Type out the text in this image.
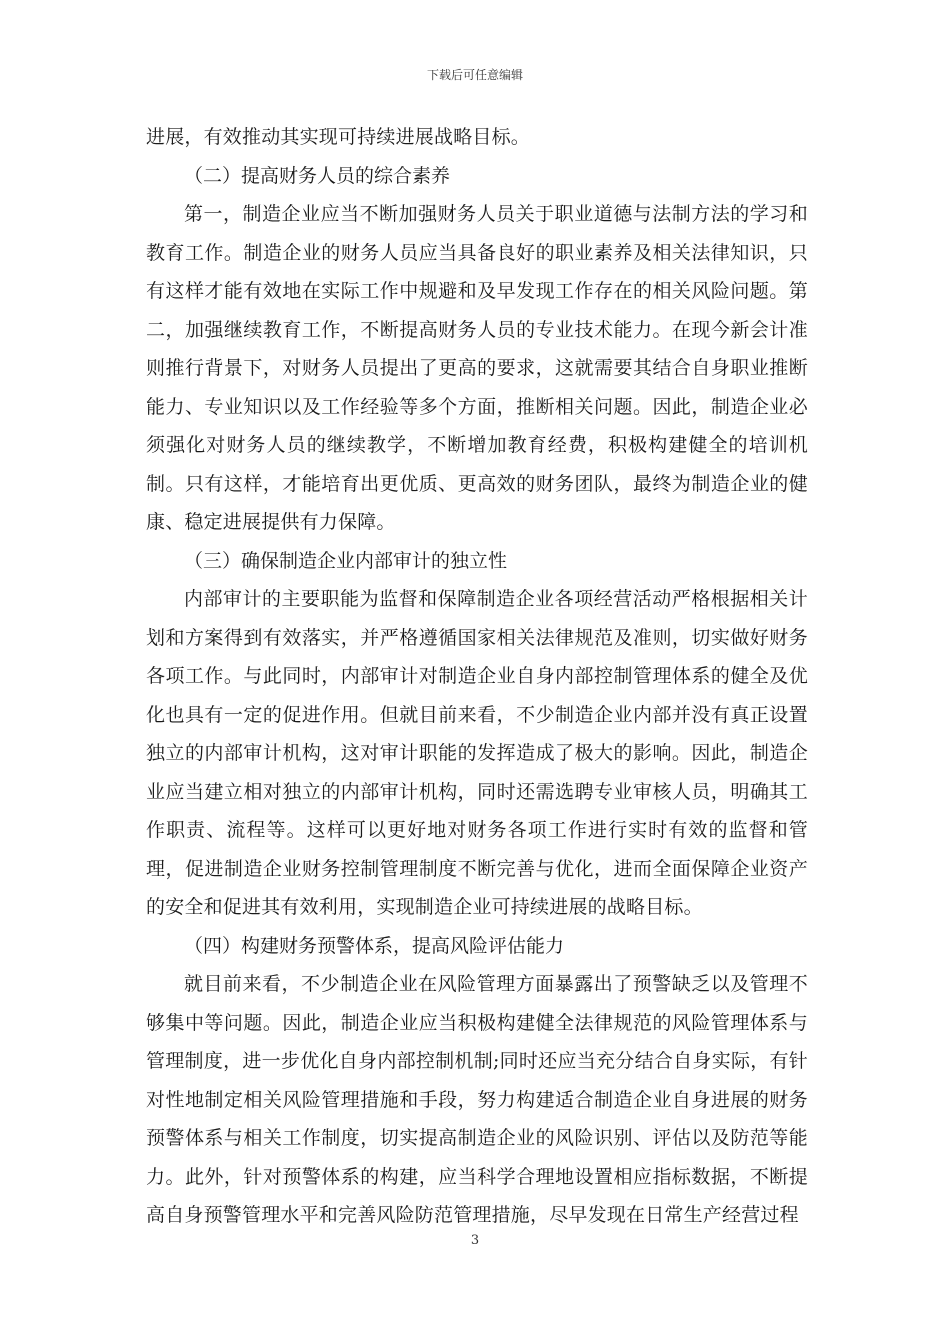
下载后可任意编辑

进展，有效推动其实现可持续进展战略目标。

（二）提高财务人员的综合素养

第一，制造企业应当不断加强财务人员关于职业道德与法制方法的学习和教育工作。制造企业的财务人员应当具备良好的职业素养及相关法律知识，只有这样才能有效地在实际工作中规避和及早发现工作存在的相关风险问题。第二，加强继续教育工作，不断提高财务人员的专业技术能力。在现今新会计准则推行背景下，对财务人员提出了更高的要求，这就需要其结合自身职业推断能力、专业知识以及工作经验等多个方面，推断相关问题。因此，制造企业必须强化对财务人员的继续教学，不断增加教育经费，积极构建健全的培训机制。只有这样，才能培育出更优质、更高效的财务团队，最终为制造企业的健康、稳定进展提供有力保障。

（三）确保制造企业内部审计的独立性

内部审计的主要职能为监督和保障制造企业各项经营活动严格根据相关计划和方案得到有效落实，并严格遵循国家相关法律规范及准则，切实做好财务各项工作。与此同时，内部审计对制造企业自身内部控制管理体系的健全及优化也具有一定的促进作用。但就目前来看，不少制造企业内部并没有真正设置独立的内部审计机构，这对审计职能的发挥造成了极大的影响。因此，制造企业应当建立相对独立的内部审计机构，同时还需选聘专业审核人员，明确其工作职责、流程等。这样可以更好地对财务各项工作进行实时有效的监督和管理，促进制造企业财务控制管理制度不断完善与优化，进而全面保障企业资产的安全和促进其有效利用，实现制造企业可持续进展的战略目标。

（四）构建财务预警体系，提高风险评估能力

就目前来看，不少制造企业在风险管理方面暴露出了预警缺乏以及管理不够集中等问题。因此，制造企业应当积极构建健全法律规范的风险管理体系与管理制度，进一步优化自身内部控制机制;同时还应当充分结合自身实际，有针对性地制定相关风险管理措施和手段，努力构建适合制造企业自身进展的财务预警体系与相关工作制度，切实提高制造企业的风险识别、评估以及防范等能力。此外，针对预警体系的构建，应当科学合理地设置相应指标数据，不断提高自身预警管理水平和完善风险防范管理措施，尽早发现在日常生产经营过程

3
